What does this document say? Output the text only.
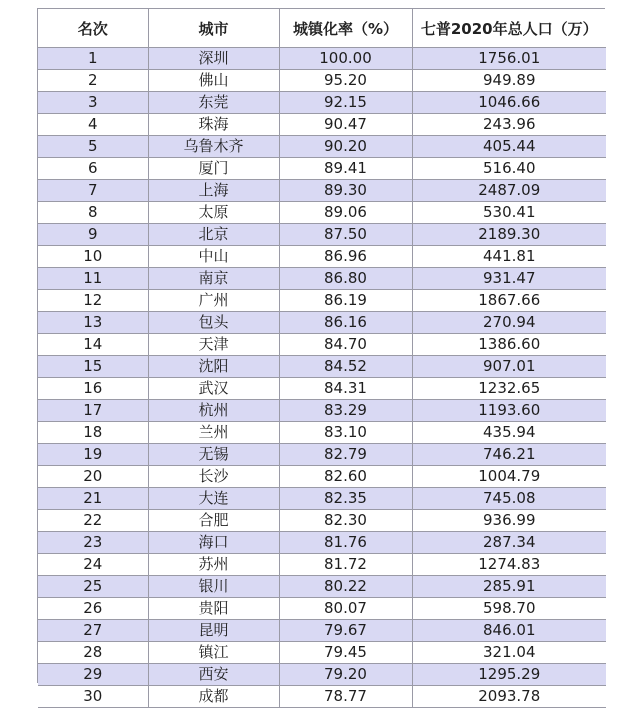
名次	城市	城镇化率（%）	七普2020年总人口（万）
1	深圳	100.00	1756.01
2	佛山	95.20	949.89
3	东莞	92.15	1046.66
4	珠海	90.47	243.96
5	乌鲁木齐	90.20	405.44
6	厦门	89.41	516.40
7	上海	89.30	2487.09
8	太原	89.06	530.41
9	北京	87.50	2189.30
10	中山	86.96	441.81
11	南京	86.80	931.47
12	广州	86.19	1867.66
13	包头	86.16	270.94
14	天津	84.70	1386.60
15	沈阳	84.52	907.01
16	武汉	84.31	1232.65
17	杭州	83.29	1193.60
18	兰州	83.10	435.94
19	无锡	82.79	746.21
20	长沙	82.60	1004.79
21	大连	82.35	745.08
22	合肥	82.30	936.99
23	海口	81.76	287.34
24	苏州	81.72	1274.83
25	银川	80.22	285.91
26	贵阳	80.07	598.70
27	昆明	79.67	846.01
28	镇江	79.45	321.04
29	西安	79.20	1295.29
30	成都	78.77	2093.78
